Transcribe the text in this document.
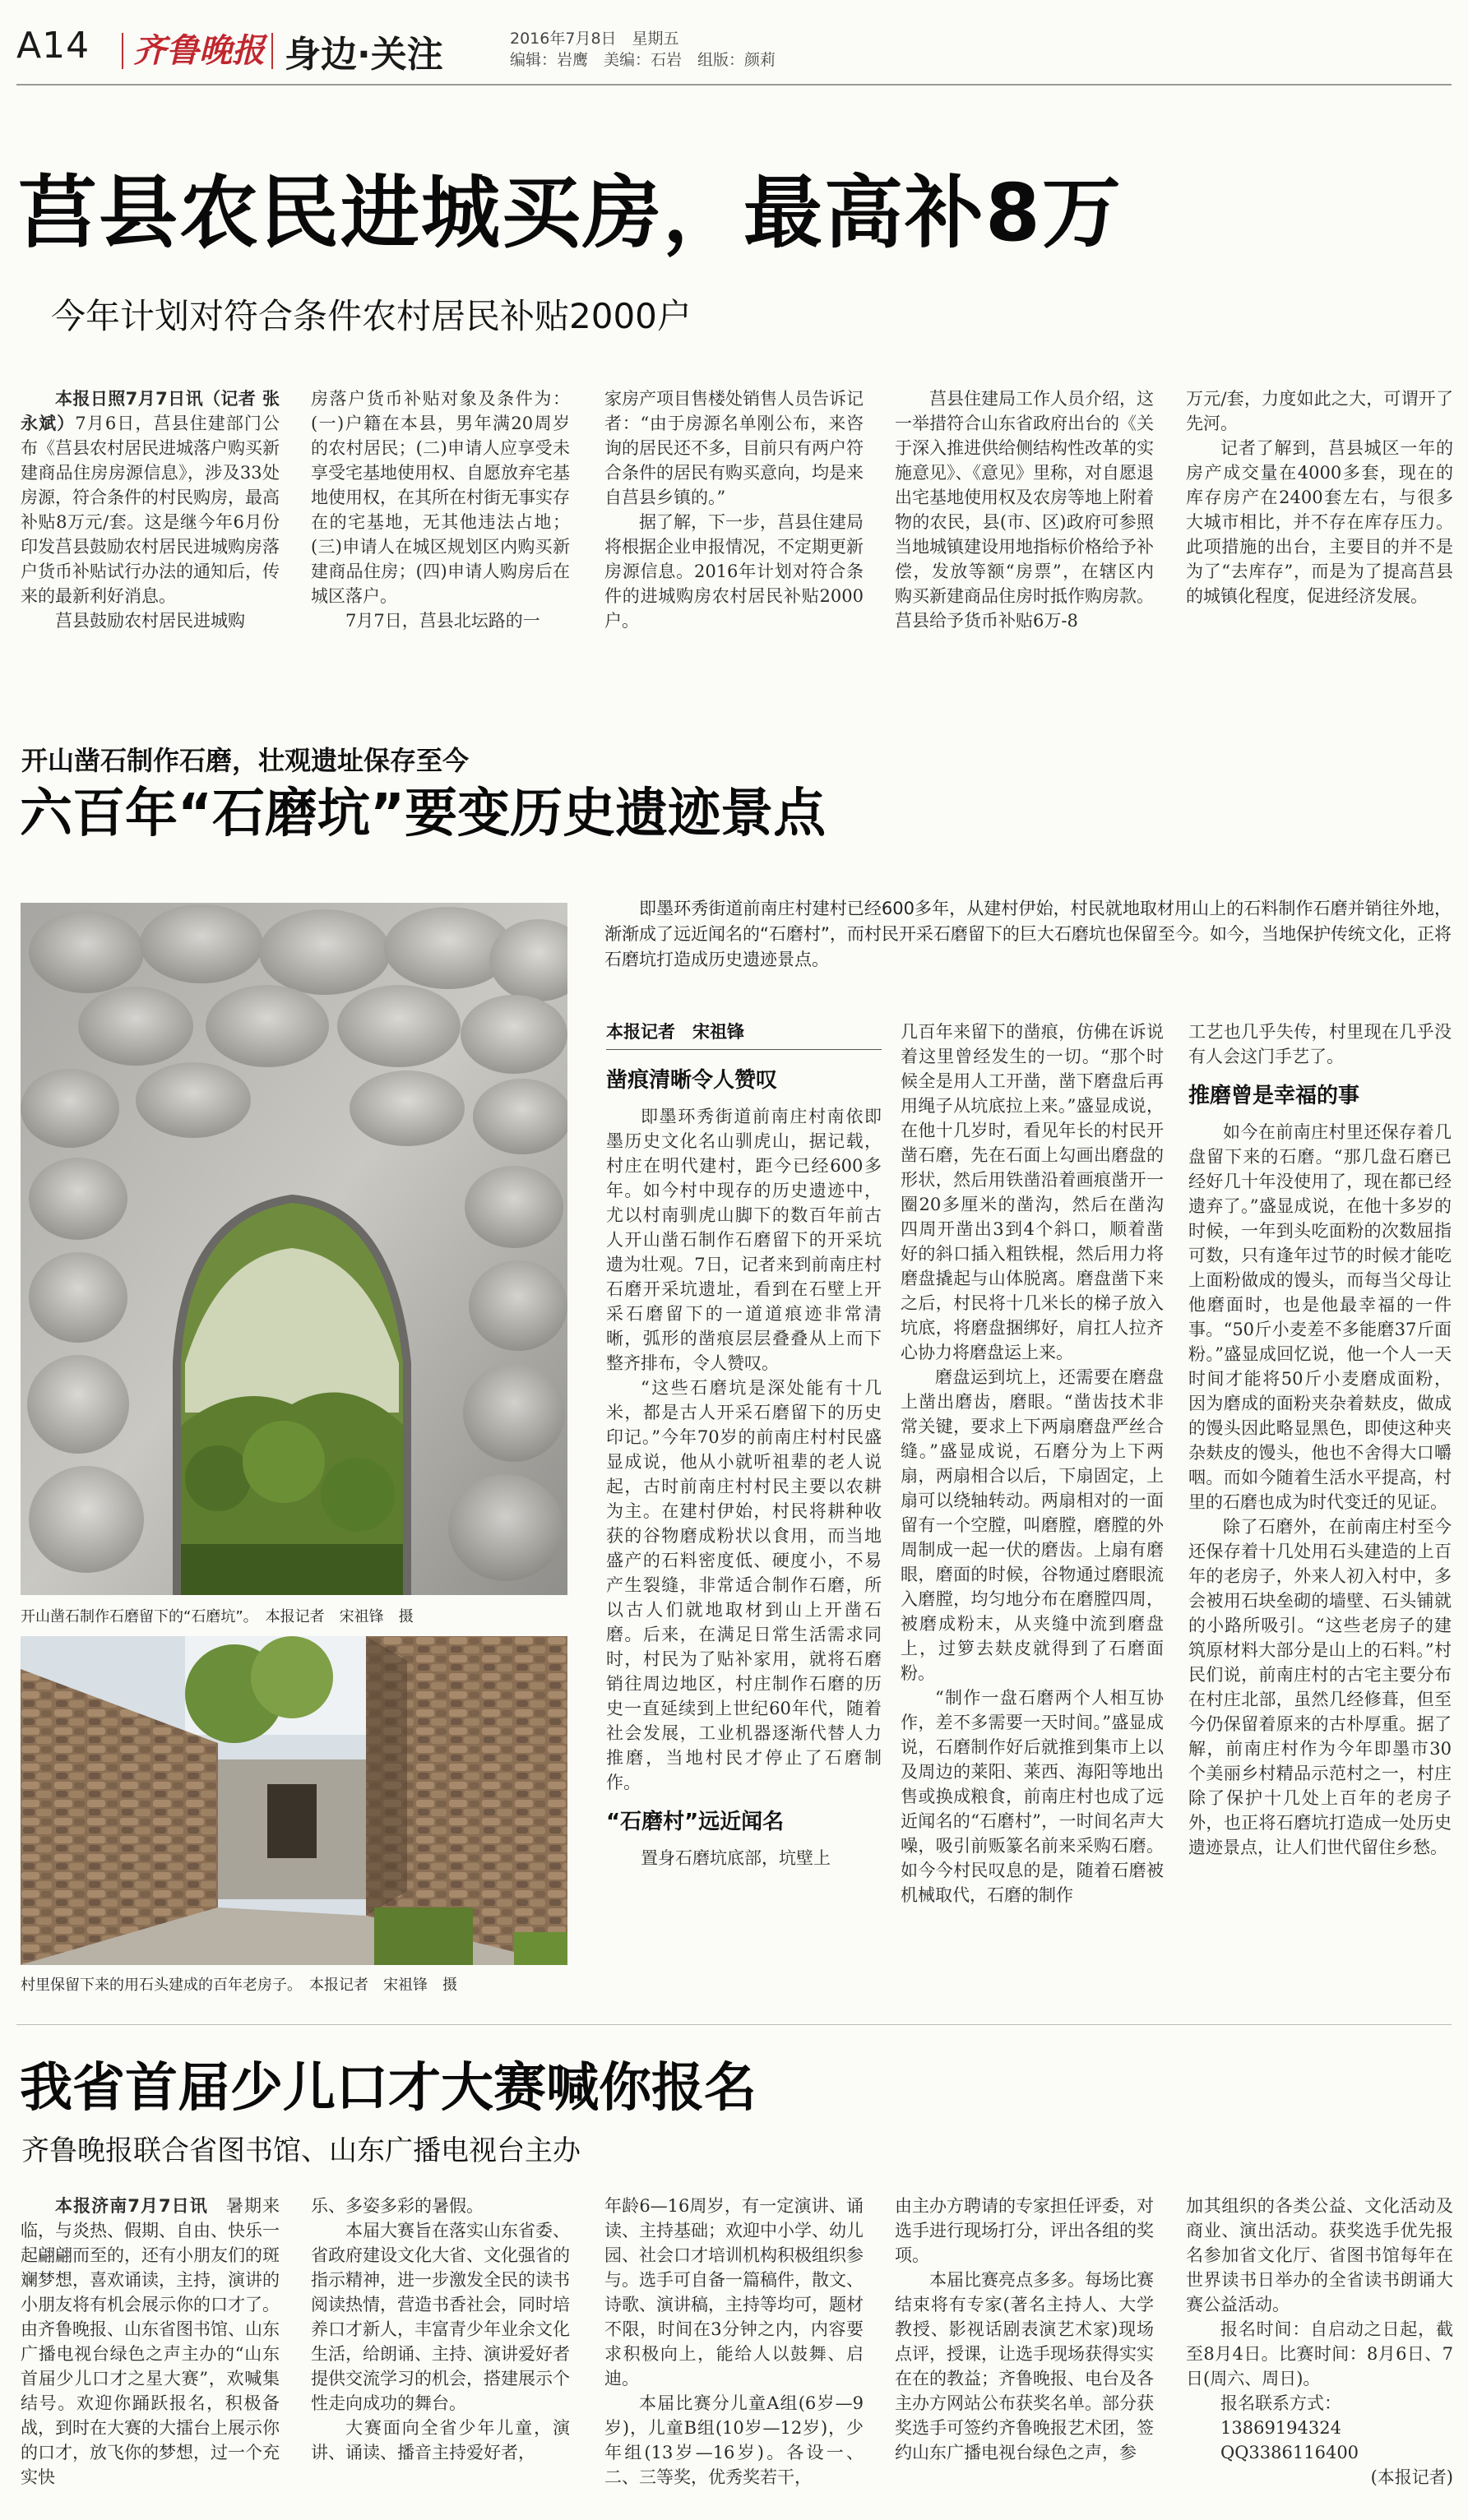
A14 齐鲁晚报 身边·关注	2016年7月8日　 星期五
编辑：岩鹰　美编：石岩　组版：颜莉
莒县农民进城买房，最高补8万
今年计划对符合条件农村居民补贴2000户

本报日照7月7日讯（记者 张永斌）7月6日，莒县住建部门公布《莒县农村居民进城落户购买新建商品住房房源信息》，涉及33处房源，符合条件的村民购房，最高补贴8万元/套。这是继今年6月份印发莒县鼓励农村居民进城购房落户货币补贴试行办法的通知后，传来的最新利好消息。

莒县鼓励农村居民进城购

房落户货币补贴对象及条件为：(一)户籍在本县，男年满20周岁的农村居民；(二)申请人应享受未享受宅基地使用权、自愿放弃宅基地使用权，在其所在村街无事实存在的宅基地，无其他违法占地；(三)申请人在城区规划区内购买新建商品住房；(四)申请人购房后在城区落户。

7月7日，莒县北坛路的一

家房产项目售楼处销售人员告诉记者：“由于房源名单刚公布，来咨询的居民还不多，目前只有两户符合条件的居民有购买意向，均是来自莒县乡镇的。”

据了解，下一步，莒县住建局将根据企业申报情况，不定期更新房源信息。2016年计划对符合条件的进城购房农村居民补贴2000户。

莒县住建局工作人员介绍，这一举措符合山东省政府出台的《关于深入推进供给侧结构性改革的实施意见》、《意见》里称，对自愿退出宅基地使用权及农房等地上附着物的农民，县(市、区)政府可参照当地城镇建设用地指标价格给予补偿，发放等额“房票”，在辖区内购买新建商品住房时抵作购房款。莒县给予货币补贴6万-8

万元/套，力度如此之大，可谓开了先河。

记者了解到，莒县城区一年的房产成交量在4000多套，现在的库存房产在2400套左右，与很多大城市相比，并不存在库存压力。此项措施的出台，主要目的并不是为了“去库存”，而是为了提高莒县的城镇化程度，促进经济发展。

开山凿石制作石磨，壮观遗址保存至今
六百年“石磨坑”要变历史遗迹景点
开山凿石制作石磨留下的“石磨坑”。　本报记者　宋祖锋　摄
村里保留下来的用石头建成的百年老房子。　本报记者　宋祖锋　摄
即墨环秀街道前南庄村建村已经600多年，从建村伊始，村民就地取材用山上的石料制作石磨并销往外地，渐渐成了远近闻名的“石磨村”，而村民开采石磨留下的巨大石磨坑也保留至今。如今，当地保护传统文化，正将石磨坑打造成历史遗迹景点。
本报记者　宋祖锋
凿痕清晰令人赞叹

即墨环秀街道前南庄村南依即墨历史文化名山驯虎山，据记载，村庄在明代建村，距今已经600多年。如今村中现存的历史遗迹中，尤以村南驯虎山脚下的数百年前古人开山凿石制作石磨留下的开采坑遗为壮观。7日，记者来到前南庄村石磨开采坑遗址，看到在石壁上开采石磨留下的一道道痕迹非常清晰，弧形的凿痕层层叠叠从上而下整齐排布，令人赞叹。

“这些石磨坑是深处能有十几米，都是古人开采石磨留下的历史印记。”今年70岁的前南庄村村民盛显成说，他从小就听祖辈的老人说起，古时前南庄村村民主要以农耕为主。在建村伊始，村民将耕种收获的谷物磨成粉状以食用，而当地盛产的石料密度低、硬度小，不易产生裂缝，非常适合制作石磨，所以古人们就地取材到山上开凿石磨。后来，在满足日常生活需求同时，村民为了贴补家用，就将石磨销往周边地区，村庄制作石磨的历史一直延续到上世纪60年代，随着社会发展，工业机器逐渐代替人力推磨，当地村民才停止了石磨制作。

“石磨村”远近闻名

置身石磨坑底部，坑壁上

几百年来留下的凿痕，仿佛在诉说着这里曾经发生的一切。“那个时候全是用人工开凿，凿下磨盘后再用绳子从坑底拉上来。”盛显成说，在他十几岁时，看见年长的村民开凿石磨，先在石面上勾画出磨盘的形状，然后用铁凿沿着画痕凿开一圈20多厘米的凿沟，然后在凿沟四周开凿出3到4个斜口，顺着凿好的斜口插入粗铁棍，然后用力将磨盘撬起与山体脱离。磨盘凿下来之后，村民将十几米长的梯子放入坑底，将磨盘捆绑好，肩扛人拉齐心协力将磨盘运上来。

磨盘运到坑上，还需要在磨盘上凿出磨齿，磨眼。“凿齿技术非常关键，要求上下两扇磨盘严丝合缝。”盛显成说，石磨分为上下两扇，两扇相合以后，下扇固定，上扇可以绕轴转动。两扇相对的一面留有一个空膛，叫磨膛，磨膛的外周制成一起一伏的磨齿。上扇有磨眼，磨面的时候，谷物通过磨眼流入磨膛，均匀地分布在磨膛四周，被磨成粉末，从夹缝中流到磨盘上，过箩去麸皮就得到了石磨面粉。

“制作一盘石磨两个人相互协作，差不多需要一天时间。”盛显成说，石磨制作好后就推到集市上以及周边的莱阳、莱西、海阳等地出售或换成粮食，前南庄村也成了远近闻名的“石磨村”，一时间名声大噪，吸引前贩篆名前来采购石磨。如今今村民叹息的是，随着石磨被机械取代，石磨的制作

工艺也几乎失传，村里现在几乎没有人会这门手艺了。

推磨曾是幸福的事

如今在前南庄村里还保存着几盘留下来的石磨。“那几盘石磨已经好几十年没使用了，现在都已经遗弃了。”盛显成说，在他十多岁的时候，一年到头吃面粉的次数屈指可数，只有逢年过节的时候才能吃上面粉做成的馒头，而每当父母让他磨面时，也是他最幸福的一件事。“50斤小麦差不多能磨37斤面粉。”盛显成回忆说，他一个人一天时间才能将50斤小麦磨成面粉，因为磨成的面粉夹杂着麸皮，做成的馒头因此略显黑色，即使这种夹杂麸皮的馒头，他也不舍得大口嚼咽。而如今随着生活水平提高，村里的石磨也成为时代变迁的见证。

除了石磨外，在前南庄村至今还保存着十几处用石头建造的上百年的老房子，外来人初入村中，多会被用石块垒砌的墙壁、石头铺就的小路所吸引。“这些老房子的建筑原材料大部分是山上的石料。”村民们说，前南庄村的古宅主要分布在村庄北部，虽然几经修葺，但至今仍保留着原来的古朴厚重。据了解，前南庄村作为今年即墨市30个美丽乡村精品示范村之一，村庄除了保护十几处上百年的老房子外，也正将石磨坑打造成一处历史遗迹景点，让人们世代留住乡愁。

我省首届少儿口才大赛喊你报名
齐鲁晚报联合省图书馆、山东广播电视台主办

本报济南7月7日讯　 暑期来临，与炎热、假期、自由、快乐一起翩翩而至的，还有小朋友们的斑斓梦想，喜欢诵读，主持，演讲的小朋友将有机会展示你的口才了。由齐鲁晚报、山东省图书馆、山东广播电视台绿色之声主办的“山东首届少儿口才之星大赛”，欢喊集结号。欢迎你踊跃报名，积极备战，到时在大赛的大擂台上展示你的口才，放飞你的梦想，过一个充实快

乐、多姿多彩的暑假。

本届大赛旨在落实山东省委、省政府建设文化大省、文化强省的指示精神，进一步激发全民的读书阅读热情，营造书香社会，同时培养口才新人，丰富青少年业余文化生活，给朗诵、主持、演讲爱好者提供交流学习的机会，搭建展示个性走向成功的舞台。

大赛面向全省少年儿童，演讲、诵读、播音主持爱好者，

年龄6—16周岁，有一定演讲、诵读、主持基础；欢迎中小学、幼儿园、社会口才培训机构积极组织参与。选手可自备一篇稿件，散文、诗歌、演讲稿，主持等均可，题材不限，时间在3分钟之内，内容要求积极向上，能给人以鼓舞、启迪。

本届比赛分儿童A组(6岁—9岁)，儿童B组(10岁—12岁)，少年组(13岁—16岁)。各设一、二、三等奖，优秀奖若干，

由主办方聘请的专家担任评委，对选手进行现场打分，评出各组的奖项。

本届比赛亮点多多。每场比赛结束将有专家(著名主持人、大学教授、影视话剧表演艺术家)现场点评，授课，让选手现场获得实实在在的教益；齐鲁晚报、电台及各主办方网站公布获奖名单。部分获奖选手可签约齐鲁晚报艺术团，签约山东广播电视台绿色之声，参

加其组织的各类公益、文化活动及商业、演出活动。获奖选手优先报名参加省文化厅、省图书馆每年在世界读书日举办的全省读书朗诵大赛公益活动。

报名时间：自启动之日起，截至8月4日。比赛时间：8月6日、7日(周六、周日)。

报名联系方式：

13869194324

QQ3386116400

(本报记者)
